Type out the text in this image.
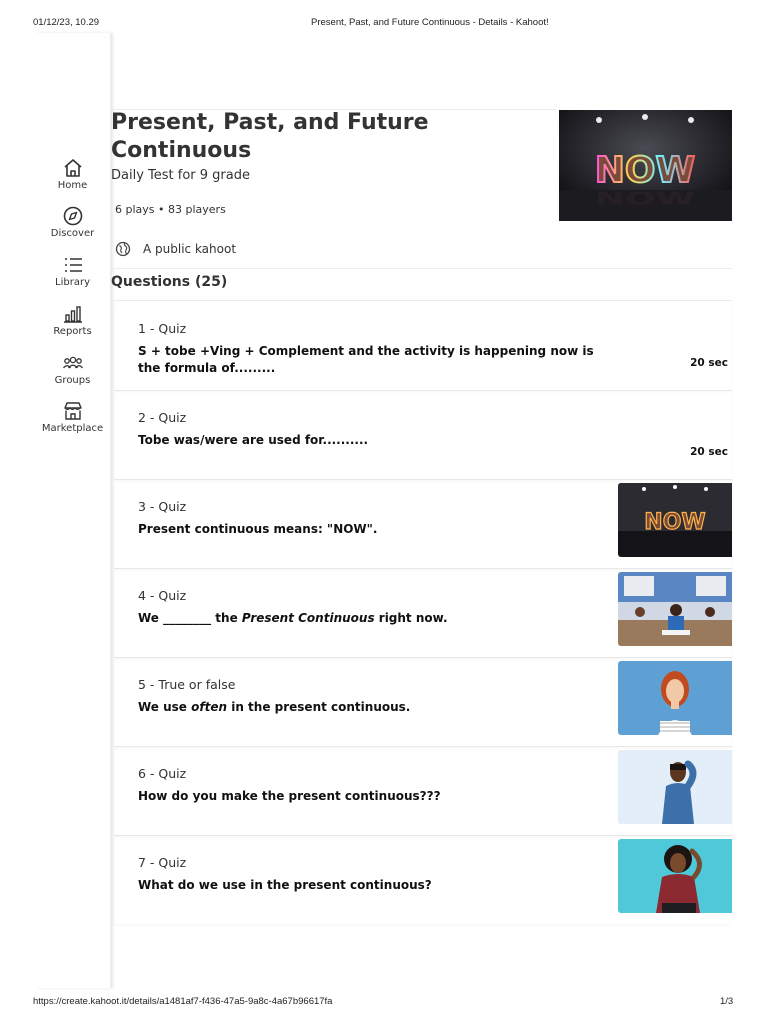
01/12/23, 10.29	Present, Past, and Future Continuous - Details - Kahoot!
Home
Discover
Library
Reports
Groups
Marketplace
Present, Past, and Future Continuous
Daily Test for 9 grade
6 plays • 83 players
A public kahoot
NOW
NOW
Questions (25)
1 - Quiz
S + tobe +Ving + Complement and the activity is happening now is the formula of.........	20 sec
2 - Quiz
Tobe was/were are used for..........
20 sec
3 - Quiz
Present continuous means: "NOW".	NOW
4 - Quiz
We ________ the Present Continuous right now.
5 - True or false
We use often in the present continuous.
6 - Quiz
How do you make the present continuous???
7 - Quiz
What do we use in the present continuous?
https://create.kahoot.it/details/a1481af7-f436-47a5-9a8c-4a67b96617fa	1/3
